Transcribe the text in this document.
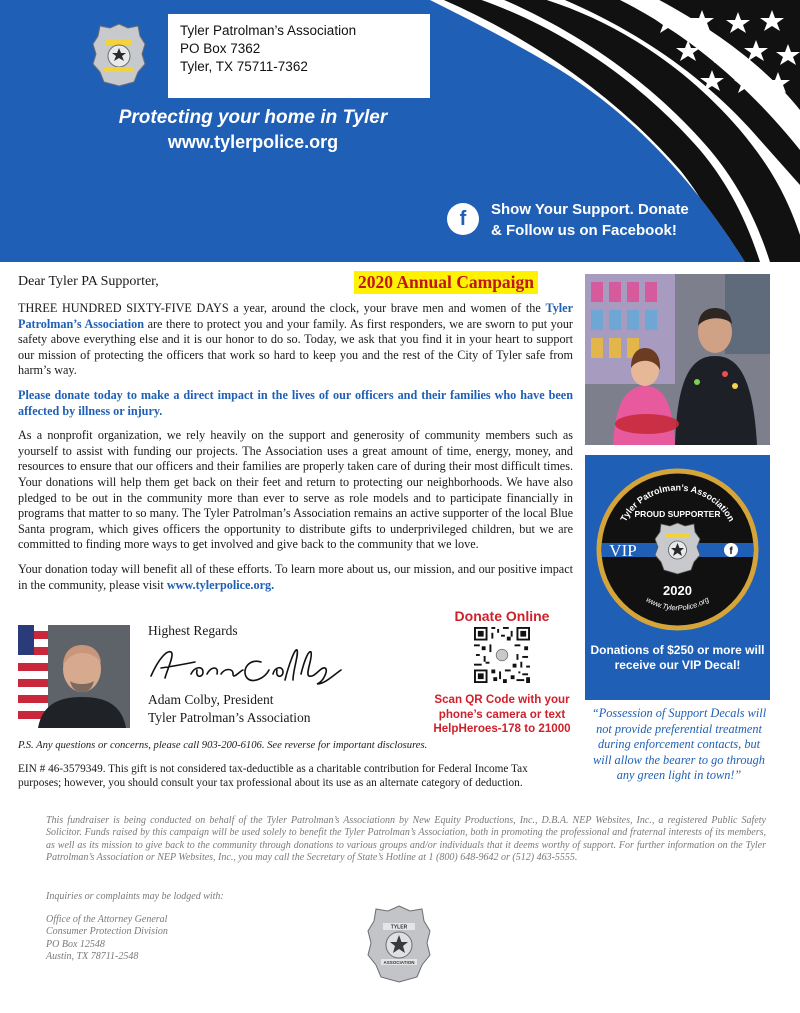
Tyler Patrolman’s Association
PO Box 7362
Tyler, TX 75711-7362
Protecting your home in Tyler
www.tylerpolice.org
f	Show Your Support. Donate
& Follow us on Facebook!
Dear Tyler PA Supporter,	2020 Annual Campaign

THREE HUNDRED SIXTY-FIVE DAYS a year, around the clock, your brave men and women of the Tyler Patrolman’s Association are there to protect you and your family. As first responders, we are sworn to put your safety above everything else and it is our honor to do so. Today, we ask that you find it in your heart to support our mission of protecting the officers that work so hard to keep you and the rest of the City of Tyler safe from harm’s way.

Please donate today to make a direct impact in the lives of our officers and their families who have been affected by illness or injury.

As a nonprofit organization, we rely heavily on the support and generosity of community members such as yourself to assist with funding our projects. The Association uses a great amount of time, energy, money, and resources to ensure that our officers and their families are properly taken care of during their most difficult times. Your donations will help them get back on their feet and return to protecting our neighborhoods. We have also pledged to be out in the community more than ever to serve as role models and to participate financially in programs that matter to so many. The Tyler Patrolman’s Association remains an active supporter of the local Blue Santa program, which gives officers the opportunity to distribute gifts to underprivileged children, but we are committed to finding more ways to get involved and give back to the community that we love.

Your donation today will benefit all of these efforts. To learn more about us, our mission, and our positive impact in the community, please visit www.tylerpolice.org.

Highest Regards
Adam Colby
Adam Colby, President
Tyler Patrolman’s Association
Donate Online
Scan QR Code with your phone’s camera or text HelpHeroes-178 to 21000
P.S. Any questions or concerns, please call 903-200-6106. See reverse for important disclosures.
EIN # 46-3579349. This gift is not considered tax-deductible as a charitable contribution for Federal Income Tax purposes; however, you should consult your tax professional about its use as an alternate category of deduction.
Tyler Patrolman’s Association
PROUD SUPPORTER
VIP	f
2020
www.TylerPolice.org
Donations of $250 or more will receive our VIP Decal!
“Possession of Support Decals will not provide preferential treatment during enforcement contacts, but will allow the bearer to go through any green light in town!”
This fundraiser is being conducted on behalf of the Tyler Patrolman’s Associationn by New Equity Productions, Inc., D.B.A. NEP Websites, Inc., a registered Public Safety Solicitor. Funds raised by this campaign will be used solely to benefit the Tyler Patrolman’s Association, both in promoting the professional and fraternal interests of its members, as well as its mission to give back to the community through donations to various groups and/or individuals that it deems worthy of support. For further information on the Tyler Patrolman’s Association or NEP Websites, Inc., you may call the Secretary of State’s Hotline at 1 (800) 648-9642 or (512) 463-5555.
Inquiries or complaints may be lodged with:
Office of the Attorney General
Consumer Protection Division
PO Box 12548
Austin, TX 78711-2548
TYLER
ASSOCIATION
